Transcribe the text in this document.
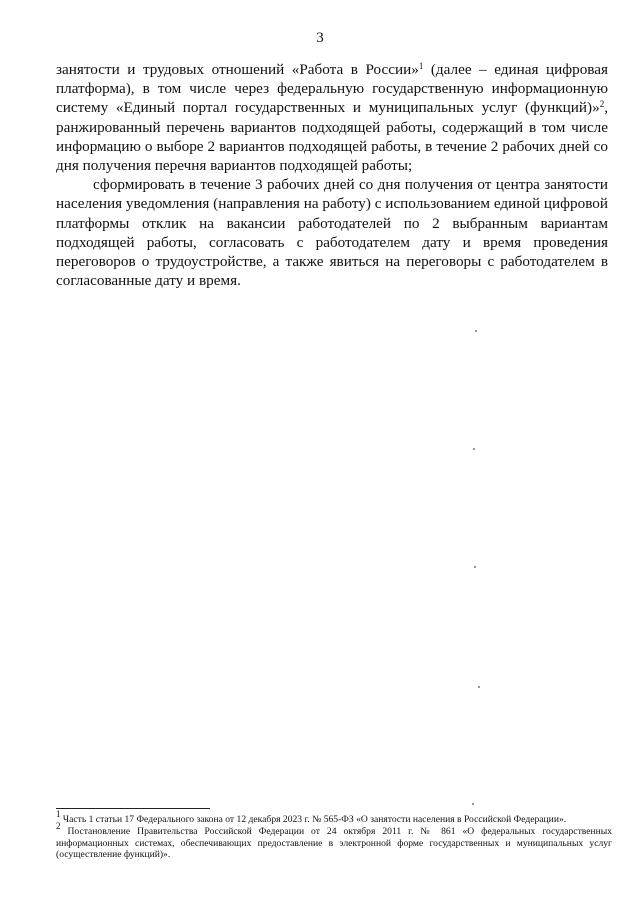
3

занятости и трудовых отношений «Работа в России»$^1$ (далее – единая цифровая платформа), в том числе через федеральную государственную информационную систему «Единый портал государственных и муниципальных услуг (функций)»$^2$, ранжированный перечень вариантов подходящей работы, содержащий в том числе информацию о выборе 2 вариантов подходящей работы, в течение 2 рабочих дней со дня получения перечня вариантов подходящей работы;

сформировать в течение 3 рабочих дней со дня получения от центра занятости населения уведомления (направления на работу) с использованием единой цифровой платформы отклик на вакансии работодателей по 2 выбранным вариантам подходящей работы, согласовать с работодателем дату и время проведения переговоров о трудоустройстве, а также явиться на переговоры с работодателем в согласованные дату и время.

$^1$ Часть 1 статьи 17 Федерального закона от 12 декабря 2023 г. № 565-ФЗ «О занятости населения в Российской Федерации».

$^2$ Постановление Правительства Российской Федерации от 24 октября 2011 г. № 861 «О федеральных государственных информационных системах, обеспечивающих предоставление в электронной форме государственных и муниципальных услуг (осуществление функций)».
